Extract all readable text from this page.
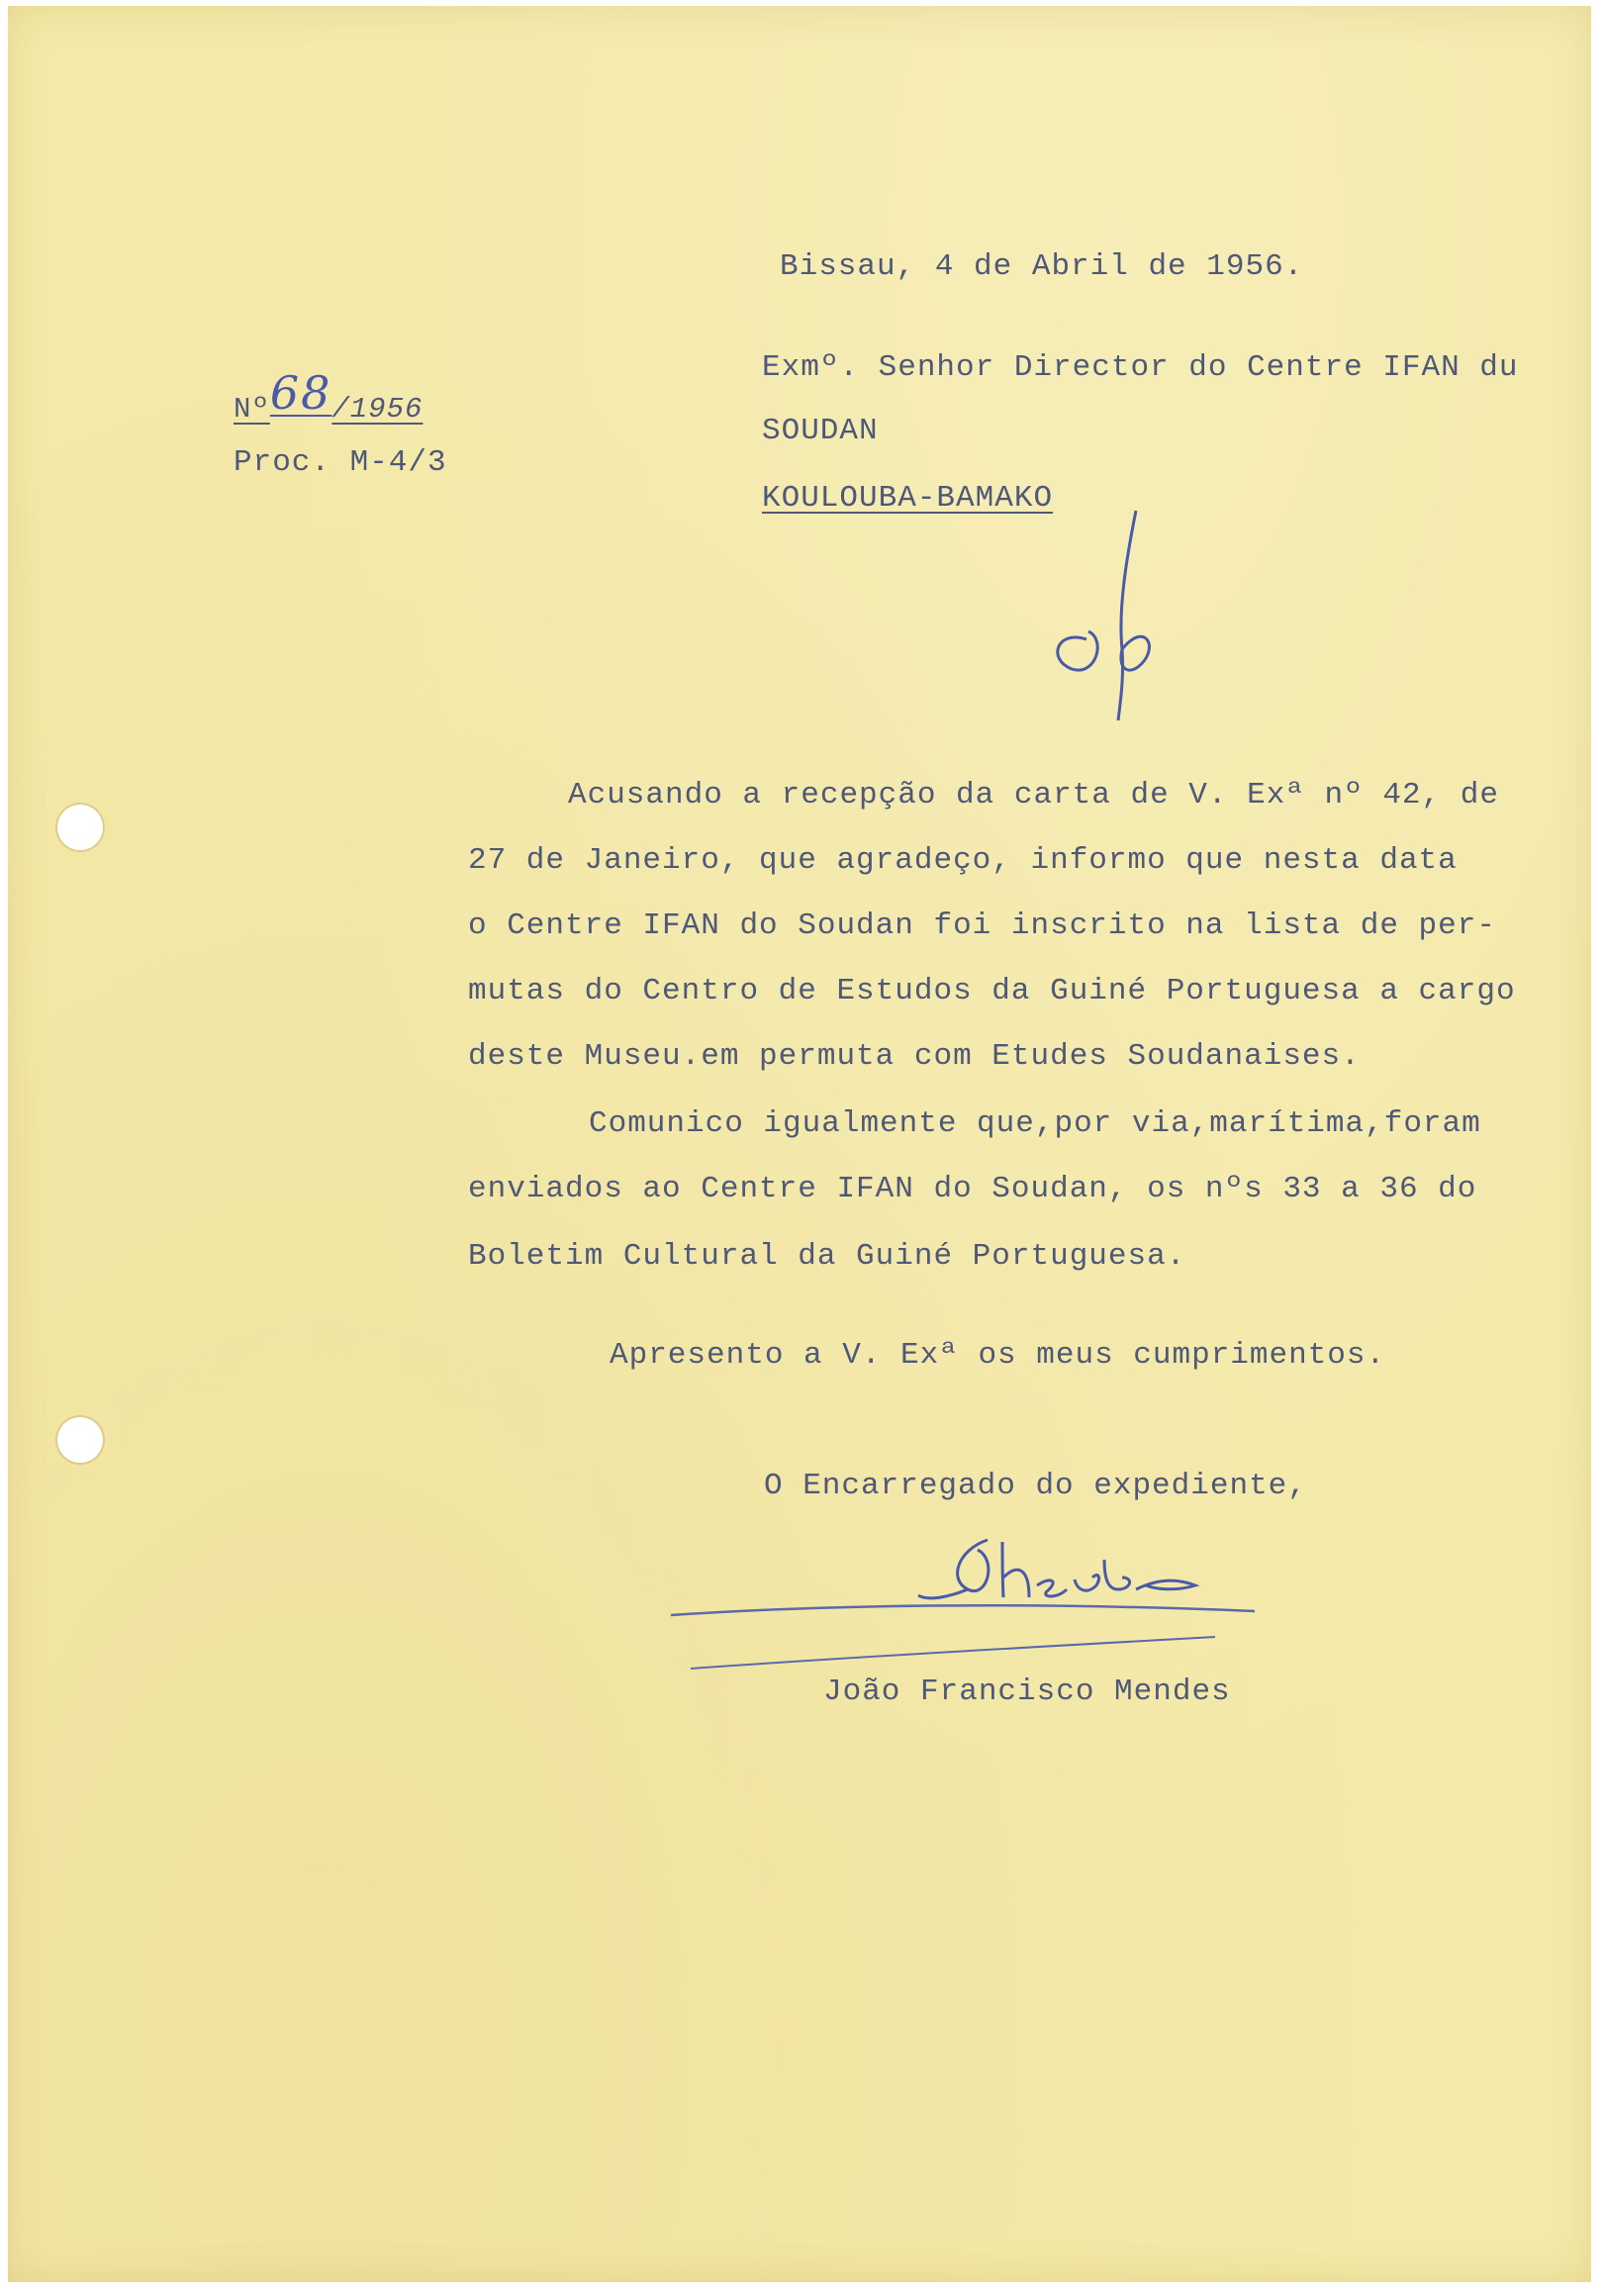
Bissau, 4 de Abril de 1956.
Nº68/1956
Proc. M-4/3
Exmº. Senhor Director do Centre IFAN du
SOUDAN
KOULOUBA-BAMAKO
Acusando a recepção da carta de V. Exª nº 42, de
27 de Janeiro, que agradeço, informo que nesta data
o Centre IFAN do Soudan foi inscrito na lista de per-
mutas do Centro de Estudos da Guiné Portuguesa a cargo
deste Museu.em permuta com Etudes Soudanaises.
Comunico igualmente que,por via,marítima,foram
enviados ao Centre IFAN do Soudan, os nºs 33 a 36 do
Boletim Cultural da Guiné Portuguesa.
Apresento a V. Exª os meus cumprimentos.
O Encarregado do expediente,
João Francisco Mendes
